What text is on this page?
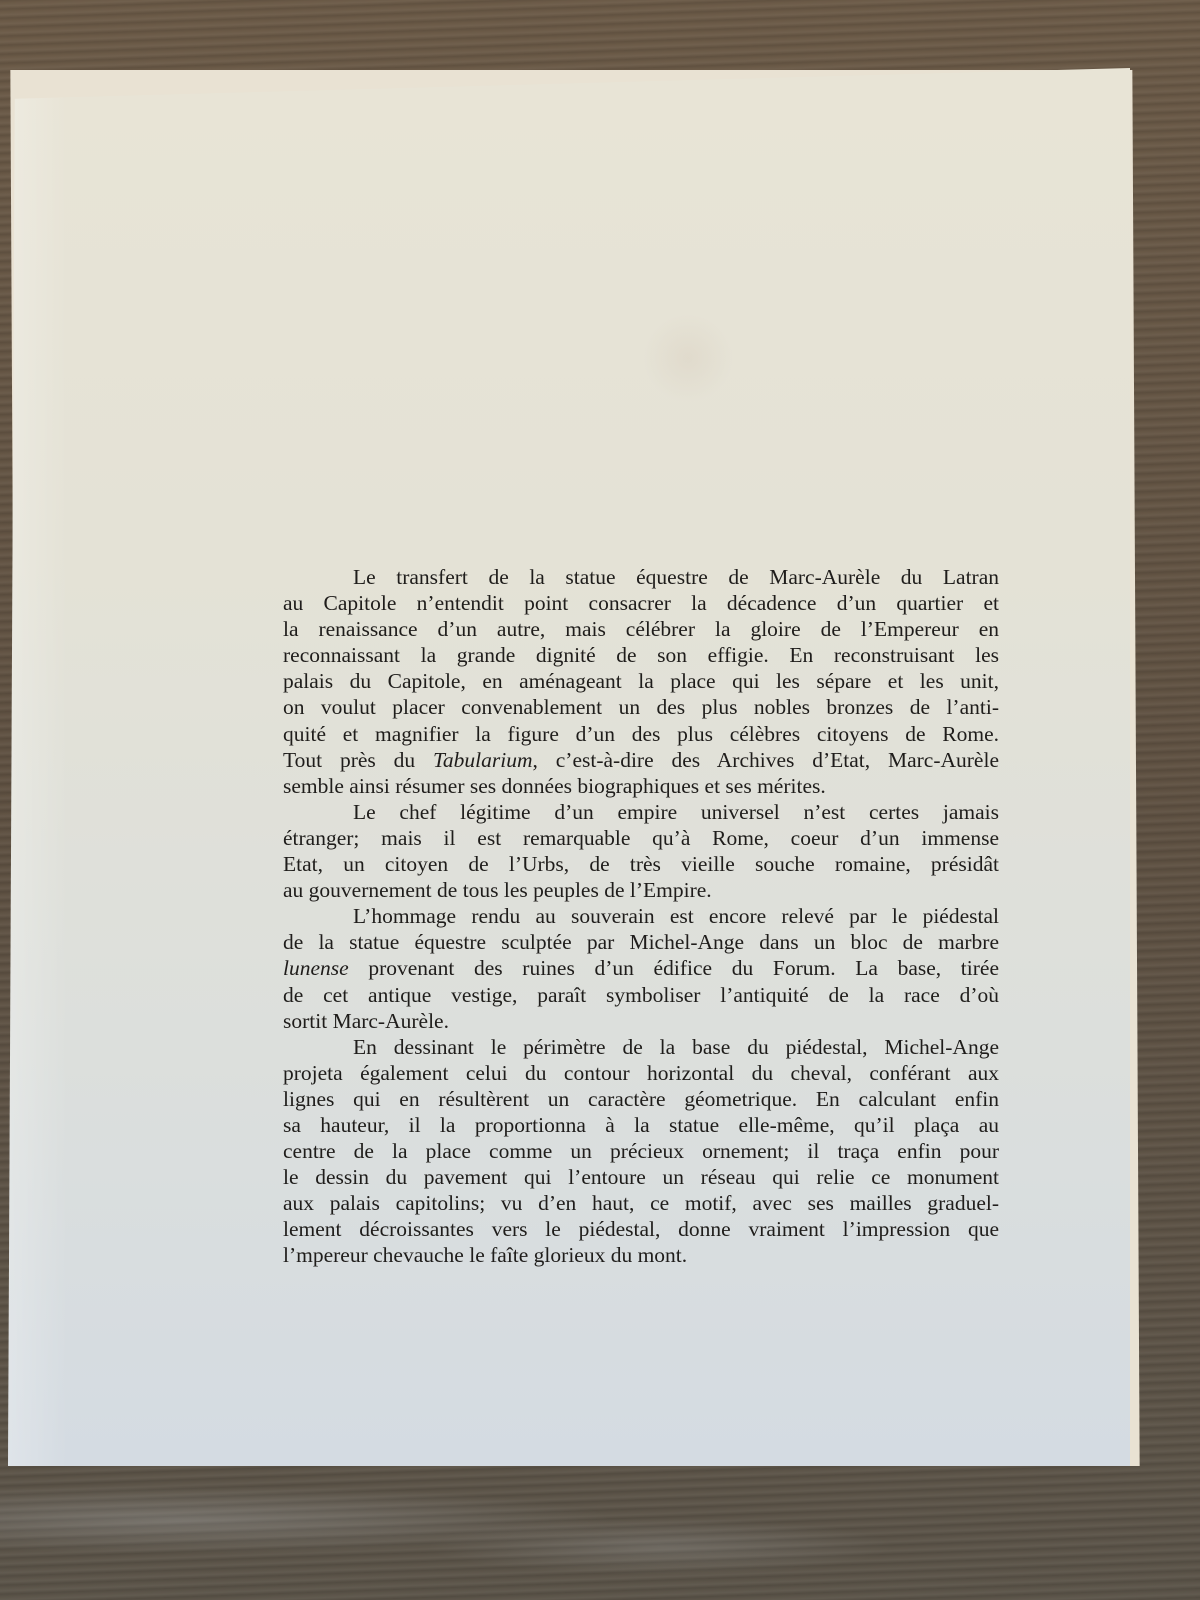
Le transfert de la statue équestre de Marc-Aurèle du Latran
au Capitole n’entendit point consacrer la décadence d’un quartier et
la renaissance d’un autre, mais célébrer la gloire de l’Empereur en
reconnaissant la grande dignité de son effigie. En reconstruisant les
palais du Capitole, en aménageant la place qui les sépare et les unit,
on voulut placer convenablement un des plus nobles bronzes de l’anti-
quité et magnifier la figure d’un des plus célèbres citoyens de Rome.
Tout près du Tabularium, c’est-à-dire des Archives d’Etat, Marc-Aurèle
semble ainsi résumer ses données biographiques et ses mérites.
Le chef légitime d’un empire universel n’est certes jamais
étranger; mais il est remarquable qu’à Rome, coeur d’un immense
Etat, un citoyen de l’Urbs, de très vieille souche romaine, présidât
au gouvernement de tous les peuples de l’Empire.
L’hommage rendu au souverain est encore relevé par le piédestal
de la statue équestre sculptée par Michel-Ange dans un bloc de marbre
lunense provenant des ruines d’un édifice du Forum. La base, tirée
de cet antique vestige, paraît symboliser l’antiquité de la race d’où
sortit Marc-Aurèle.
En dessinant le périmètre de la base du piédestal, Michel-Ange
projeta également celui du contour horizontal du cheval, conférant aux
lignes qui en résultèrent un caractère géometrique. En calculant enfin
sa hauteur, il la proportionna à la statue elle-même, qu’il plaça au
centre de la place comme un précieux ornement; il traça enfin pour
le dessin du pavement qui l’entoure un réseau qui relie ce monument
aux palais capitolins; vu d’en haut, ce motif, avec ses mailles graduel-
lement décroissantes vers le piédestal, donne vraiment l’impression que
l’mpereur chevauche le faîte glorieux du mont.
